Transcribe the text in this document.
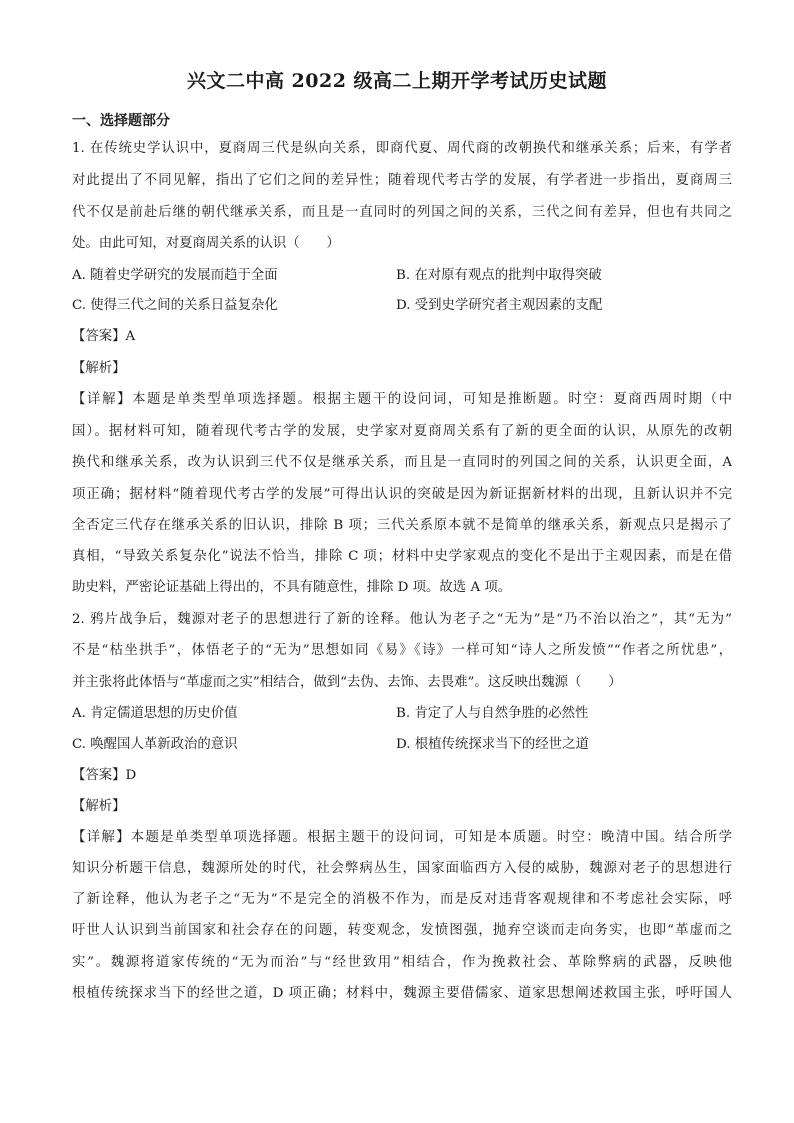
兴文二中高 2022 级高二上期开学考试历史试题
一、选择题部分
1. 在传统史学认识中，夏商周三代是纵向关系，即商代夏、周代商的改朝换代和继承关系；后来，有学者
对此提出了不同见解，指出了它们之间的差异性；随着现代考古学的发展，有学者进一步指出，夏商周三
代不仅是前赴后继的朝代继承关系，而且是一直同时的列国之间的关系，三代之间有差异，但也有共同之
处。由此可知，对夏商周关系的认识（　　）
A. 随着史学研究的发展而趋于全面	B. 在对原有观点的批判中取得突破
C. 使得三代之间的关系日益复杂化	D. 受到史学研究者主观因素的支配
【答案】A
【解析】
【详解】本题是单类型单项选择题。根据主题干的设问词，可知是推断题。时空：夏商西周时期（中
国）。据材料可知，随着现代考古学的发展，史学家对夏商周关系有了新的更全面的认识，从原先的改朝
换代和继承关系，改为认识到三代不仅是继承关系，而且是一直同时的列国之间的关系，认识更全面，A
项正确；据材料“随着现代考古学的发展”可得出认识的突破是因为新证据新材料的出现，且新认识并不完
全否定三代存在继承关系的旧认识，排除 B 项；三代关系原本就不是简单的继承关系，新观点只是揭示了
真相，“导致关系复杂化”说法不恰当，排除 C 项；材料中史学家观点的变化不是出于主观因素，而是在借
助史料，严密论证基础上得出的，不具有随意性，排除 D 项。故选 A 项。
2. 鸦片战争后，魏源对老子的思想进行了新的诠释。他认为老子之“无为”是“乃不治以治之”，其“无为”
不是“枯坐拱手”，体悟老子的“无为”思想如同《易》《诗》一样可知“诗人之所发愤”“作者之所忧患”，
并主张将此体悟与“革虚而之实”相结合，做到“去伪、去饰、去畏难”。这反映出魏源（　　）
A. 肯定儒道思想的历史价值	B. 肯定了人与自然争胜的必然性
C. 唤醒国人革新政治的意识	D. 根植传统探求当下的经世之道
【答案】D
【解析】
【详解】本题是单类型单项选择题。根据主题干的设问词，可知是本质题。时空：晚清中国。结合所学
知识分析题干信息，魏源所处的时代，社会弊病丛生，国家面临西方入侵的威胁，魏源对老子的思想进行
了新诠释，他认为老子之“无为”不是完全的消极不作为，而是反对违背客观规律和不考虑社会实际，呼
吁世人认识到当前国家和社会存在的问题，转变观念，发愤图强，抛弃空谈而走向务实，也即“革虚而之
实”。魏源将道家传统的“无为而治”与“经世致用”相结合，作为挽救社会、革除弊病的武器，反映他
根植传统探求当下的经世之道，D 项正确；材料中，魏源主要借儒家、道家思想阐述救国主张，呼吁国人
